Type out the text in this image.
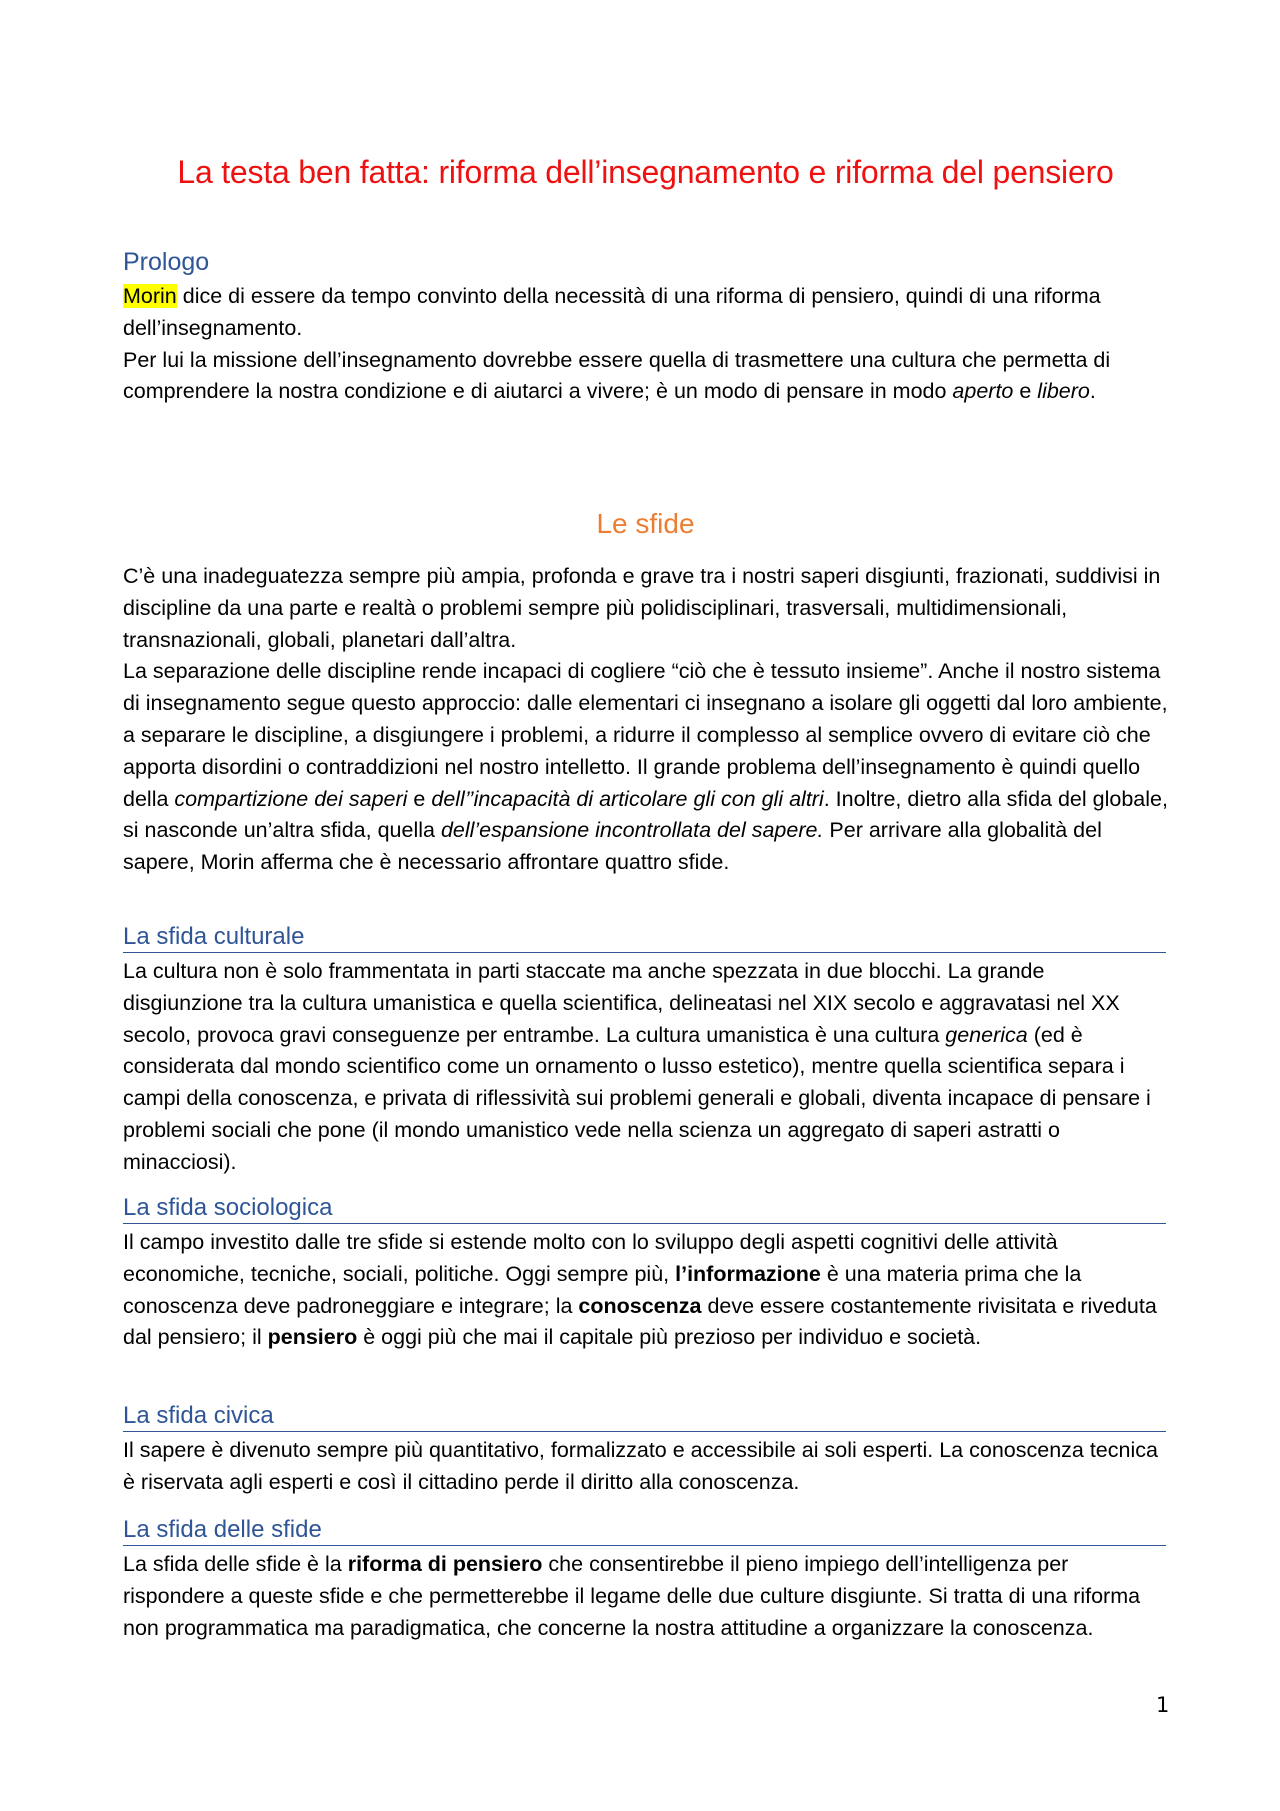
La testa ben fatta: riforma dell’insegnamento e riforma del pensiero
Prologo

Morin dice di essere da tempo convinto della necessità di una riforma di pensiero, quindi di una riforma dell’insegnamento.

Per lui la missione dell’insegnamento dovrebbe essere quella di trasmettere una cultura che permetta di comprendere la nostra condizione e di aiutarci a vivere; è un modo di pensare in modo aperto e libero.

Le sfide

C’è una inadeguatezza sempre più ampia, profonda e grave tra i nostri saperi disgiunti, frazionati, suddivisi in discipline da una parte e realtà o problemi sempre più polidisciplinari, trasversali, multidimensionali, transnazionali, globali, planetari dall’altra.

La separazione delle discipline rende incapaci di cogliere “ciò che è tessuto insieme”. Anche il nostro sistema di insegnamento segue questo approccio: dalle elementari ci insegnano a isolare gli oggetti dal loro ambiente, a separare le discipline, a disgiungere i problemi, a ridurre il complesso al semplice ovvero di evitare ciò che apporta disordini o contraddizioni nel nostro intelletto. Il grande problema dell’insegnamento è quindi quello della compartizione dei saperi e dell’’incapacità di articolare gli con gli altri. Inoltre, dietro alla sfida del globale, si nasconde un’altra sfida, quella dell’espansione incontrollata del sapere. Per arrivare alla globalità del sapere, Morin afferma che è necessario affrontare quattro sfide.

La sfida culturale

La cultura non è solo frammentata in parti staccate ma anche spezzata in due blocchi. La grande disgiunzione tra la cultura umanistica e quella scientifica, delineatasi nel XIX secolo e aggravatasi nel XX secolo, provoca gravi conseguenze per entrambe. La cultura umanistica è una cultura generica (ed è considerata dal mondo scientifico come un ornamento o lusso estetico), mentre quella scientifica separa i campi della conoscenza, e privata di riflessività sui problemi generali e globali, diventa incapace di pensare i problemi sociali che pone (il mondo umanistico vede nella scienza un aggregato di saperi astratti o minacciosi).

La sfida sociologica

Il campo investito dalle tre sfide si estende molto con lo sviluppo degli aspetti cognitivi delle attività economiche, tecniche, sociali, politiche. Oggi sempre più, l’informazione è una materia prima che la conoscenza deve padroneggiare e integrare; la conoscenza deve essere costantemente rivisitata e riveduta dal pensiero; il pensiero è oggi più che mai il capitale più prezioso per individuo e società.

La sfida civica

Il sapere è divenuto sempre più quantitativo, formalizzato e accessibile ai soli esperti. La conoscenza tecnica è riservata agli esperti e così il cittadino perde il diritto alla conoscenza.

La sfida delle sfide

La sfida delle sfide è la riforma di pensiero che consentirebbe il pieno impiego dell’intelligenza per rispondere a queste sfide e che permetterebbe il legame delle due culture disgiunte. Si tratta di una riforma non programmatica ma paradigmatica, che concerne la nostra attitudine a organizzare la conoscenza.

1
